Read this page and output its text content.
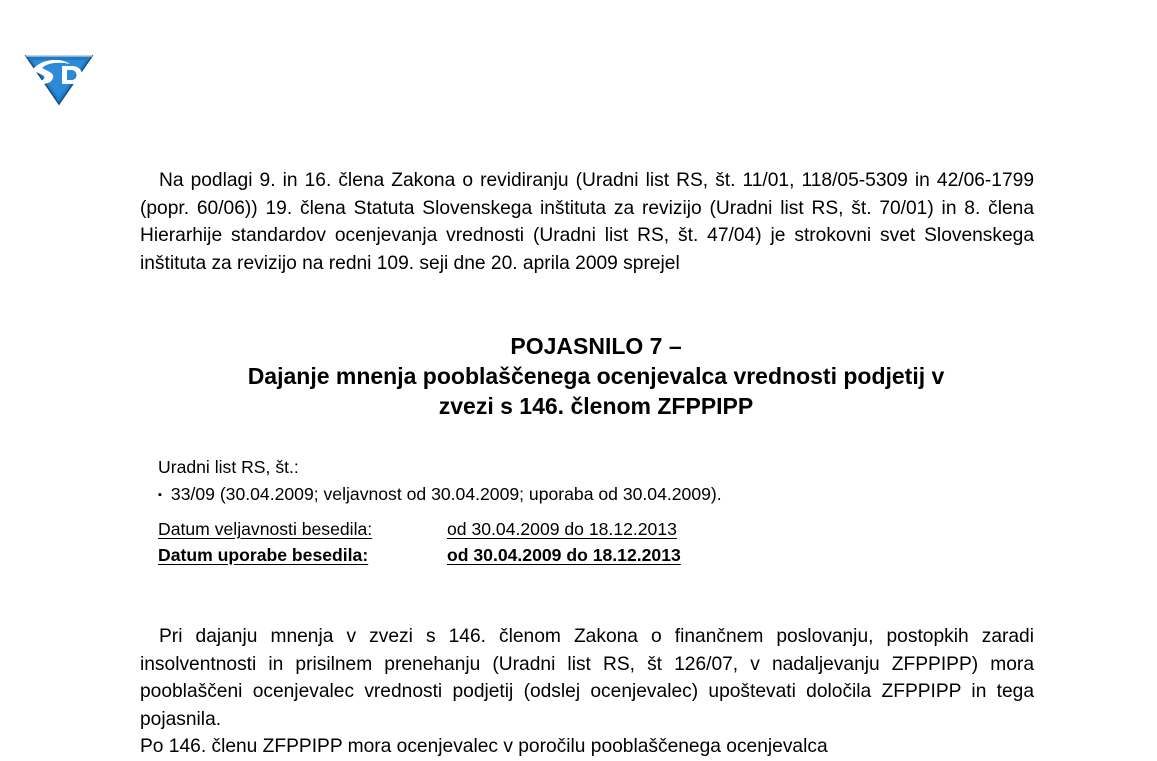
Na podlagi 9. in 16. člena Zakona o revidiranju (Uradni list RS, št. 11/01, 118/05-5309 in 42/06-1799 (popr. 60/06)) 19. člena Statuta Slovenskega inštituta za revizijo (Uradni list RS, št. 70/01) in 8. člena Hierarhije standardov ocenjevanja vrednosti (Uradni list RS, št. 47/04) je strokovni svet Slovenskega inštituta za revizijo na redni 109. seji dne 20. aprila 2009 sprejel

POJASNILO 7 –
Dajanje mnenja pooblaščenega ocenjevalca vrednosti podjetij v
zvezi s 146. členom ZFPPIPP
Uradni list RS, št.:
▪ 33/09 (30.04.2009; veljavnost od 30.04.2009; uporaba od 30.04.2009).
Datum veljavnosti besedila:	od 30.04.2009 do 18.12.2013
Datum uporabe besedila:	od 30.04.2009 do 18.12.2013

Pri dajanju mnenja v zvezi s 146. členom Zakona o finančnem poslovanju, postopkih zaradi insolventnosti in prisilnem prenehanju (Uradni list RS, št 126/07, v nadaljevanju ZFPPIPP) mora pooblaščeni ocenjevalec vrednosti podjetij (odslej ocenjevalec) upoštevati določila ZFPPIPP in tega pojasnila.
Po 146. členu ZFPPIPP mora ocenjevalec v poročilu pooblaščenega ocenjevalca
